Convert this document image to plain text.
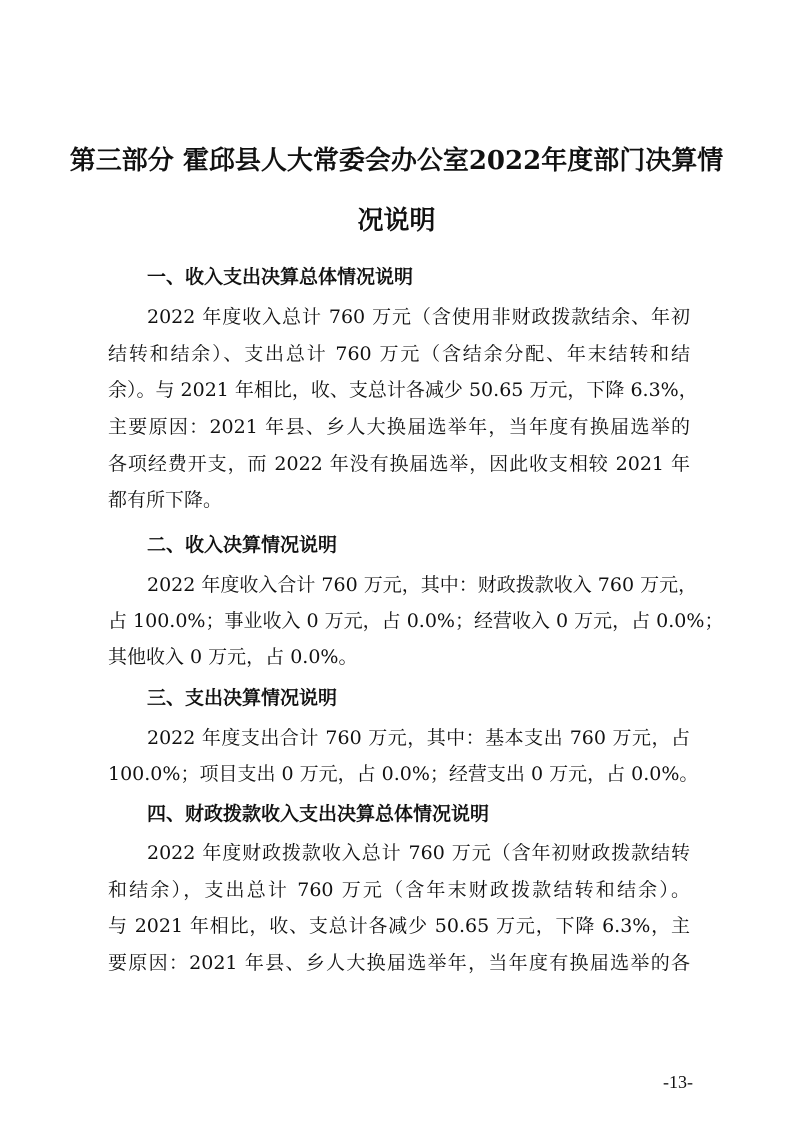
第三部分 霍邱县人大常委会办公室2022年度部门决算情
况说明
一、收入支出决算总体情况说明
2022 年度收入总计 760 万元（含使用非财政拨款结余、年初
结转和结余）、支出总计 760 万元（含结余分配、年末结转和结
余）。与 2021 年相比，收、支总计各减少 50.65 万元，下降 6.3%，
主要原因：2021 年县、乡人大换届选举年，当年度有换届选举的
各项经费开支，而 2022 年没有换届选举，因此收支相较 2021 年
都有所下降。
二、收入决算情况说明
2022 年度收入合计 760 万元，其中：财政拨款收入 760 万元，
占 100.0%；事业收入 0 万元，占 0.0%；经营收入 0 万元，占 0.0%；
其他收入 0 万元，占 0.0%。
三、支出决算情况说明
2022 年度支出合计 760 万元，其中：基本支出 760 万元，占
100.0%；项目支出 0 万元，占 0.0%；经营支出 0 万元，占 0.0%。
四、财政拨款收入支出决算总体情况说明
2022 年度财政拨款收入总计 760 万元（含年初财政拨款结转
和结余），支出总计 760 万元（含年末财政拨款结转和结余）。
与 2021 年相比，收、支总计各减少 50.65 万元，下降 6.3%，主
要原因：2021 年县、乡人大换届选举年，当年度有换届选举的各
-13-
